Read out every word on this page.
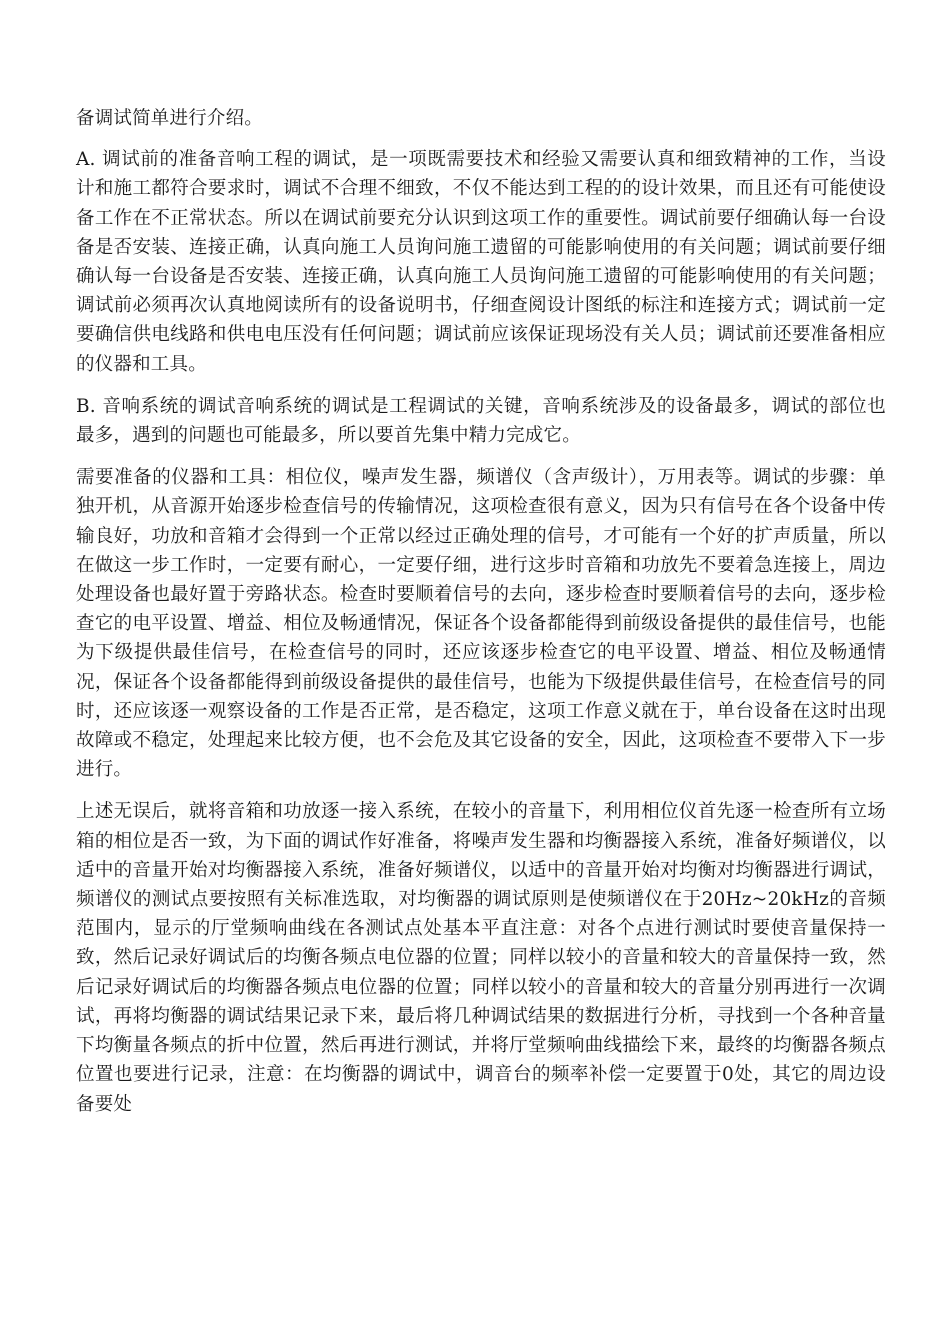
备调试简单进行介绍。

A. 调试前的准备音响工程的调试，是一项既需要技术和经验又需要认真和细致精神的工作，当设计和施工都符合要求时，调试不合理不细致，不仅不能达到工程的的设计效果，而且还有可能使设备工作在不正常状态。所以在调试前要充分认识到这项工作的重要性。调试前要仔细确认每一台设备是否安装、连接正确，认真向施工人员询问施工遗留的可能影响使用的有关问题；调试前要仔细确认每一台设备是否安装、连接正确，认真向施工人员询问施工遗留的可能影响使用的有关问题；调试前必须再次认真地阅读所有的设备说明书，仔细查阅设计图纸的标注和连接方式；调试前一定要确信供电线路和供电电压没有任何问题；调试前应该保证现场没有关人员；调试前还要准备相应的仪器和工具。

B. 音响系统的调试音响系统的调试是工程调试的关键，音响系统涉及的设备最多，调试的部位也最多，遇到的问题也可能最多，所以要首先集中精力完成它。

需要准备的仪器和工具：相位仪，噪声发生器，频谱仪（含声级计），万用表等。调试的步骤：单独开机，从音源开始逐步检查信号的传输情况，这项检查很有意义，因为只有信号在各个设备中传输良好，功放和音箱才会得到一个正常以经过正确处理的信号，才可能有一个好的扩声质量，所以在做这一步工作时，一定要有耐心，一定要仔细，进行这步时音箱和功放先不要着急连接上，周边处理设备也最好置于旁路状态。检查时要顺着信号的去向，逐步检查时要顺着信号的去向，逐步检查它的电平设置、增益、相位及畅通情况，保证各个设备都能得到前级设备提供的最佳信号，也能为下级提供最佳信号，在检查信号的同时，还应该逐步检查它的电平设置、增益、相位及畅通情况，保证各个设备都能得到前级设备提供的最佳信号，也能为下级提供最佳信号，在检查信号的同时，还应该逐一观察设备的工作是否正常，是否稳定，这项工作意义就在于，单台设备在这时出现故障或不稳定，处理起来比较方便，也不会危及其它设备的安全，因此，这项检查不要带入下一步进行。

上述无误后，就将音箱和功放逐一接入系统，在较小的音量下，利用相位仪首先逐一检查所有立场箱的相位是否一致，为下面的调试作好准备，将噪声发生器和均衡器接入系统，准备好频谱仪，以适中的音量开始对均衡器接入系统，准备好频谱仪，以适中的音量开始对均衡对均衡器进行调试，频谱仪的测试点要按照有关标准选取，对均衡器的调试原则是使频谱仪在于20Hz~20kHz的音频范围内，显示的厅堂频响曲线在各测试点处基本平直注意：对各个点进行测试时要使音量保持一致，然后记录好调试后的均衡各频点电位器的位置；同样以较小的音量和较大的音量保持一致，然后记录好调试后的均衡器各频点电位器的位置；同样以较小的音量和较大的音量分别再进行一次调试，再将均衡器的调试结果记录下来，最后将几种调试结果的数据进行分析，寻找到一个各种音量下均衡量各频点的折中位置，然后再进行测试，并将厅堂频响曲线描绘下来，最终的均衡器各频点位置也要进行记录，注意：在均衡器的调试中，调音台的频率补偿一定要置于0处，其它的周边设备要处
